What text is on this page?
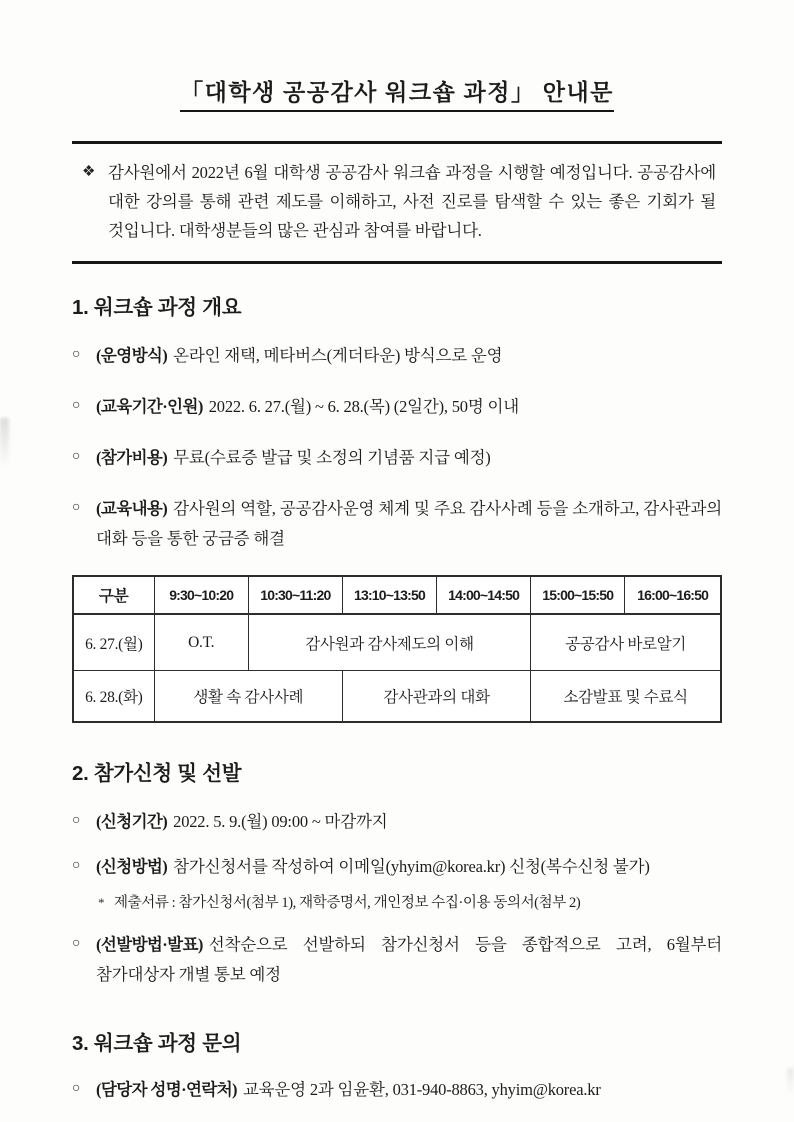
「대학생 공공감사 워크숍 과정」 안내문
❖ 감사원에서 2022년 6월 대학생 공공감사 워크숍 과정을 시행할 예정입니다. 공공감사에 대한 강의를 통해 관련 제도를 이해하고, 사전 진로를 탐색할 수 있는 좋은 기회가 될 것입니다. 대학생분들의 많은 관심과 참여를 바랍니다.

1. 워크숍 과정 개요
○ (운영방식) 온라인 재택, 메타버스(게더타운) 방식으로 운영
○ (교육기간·인원) 2022. 6. 27.(월) ~ 6. 28.(목) (2일간), 50명 이내
○ (참가비용) 무료(수료증 발급 및 소정의 기념품 지급 예정)
○ (교육내용) 감사원의 역할, 공공감사운영 체계 및 주요 감사사례 등을 소개하고, 감사관과의 대화 등을 통한 궁금증 해결
구분	9:30~10:20	10:30~11:20	13:10~13:50	14:00~14:50	15:00~15:50	16:00~16:50
6. 27.(월)	O.T.	감사원과 감사제도의 이해			공공감사 바로알기	
6. 28.(화)	생활 속 감사사례		감사관과의 대화		소감발표 및 수료식	
2. 참가신청 및 선발
○ (신청기간) 2022. 5. 9.(월) 09:00 ~ 마감까지
○ (신청방법) 참가신청서를 작성하여 이메일(yhyim@korea.kr) 신청(복수신청 불가)
* 제출서류 : 참가신청서(첨부 1), 재학증명서, 개인정보 수집·이용 동의서(첨부 2)
○ (선발방법·발표) 선착순으로 선발하되 참가신청서 등을 종합적으로 고려, 6월부터 참가대상자 개별 통보 예정
3. 워크숍 과정 문의
○ (담당자 성명·연락처) 교육운영 2과 임윤환, 031-940-8863, yhyim@korea.kr
